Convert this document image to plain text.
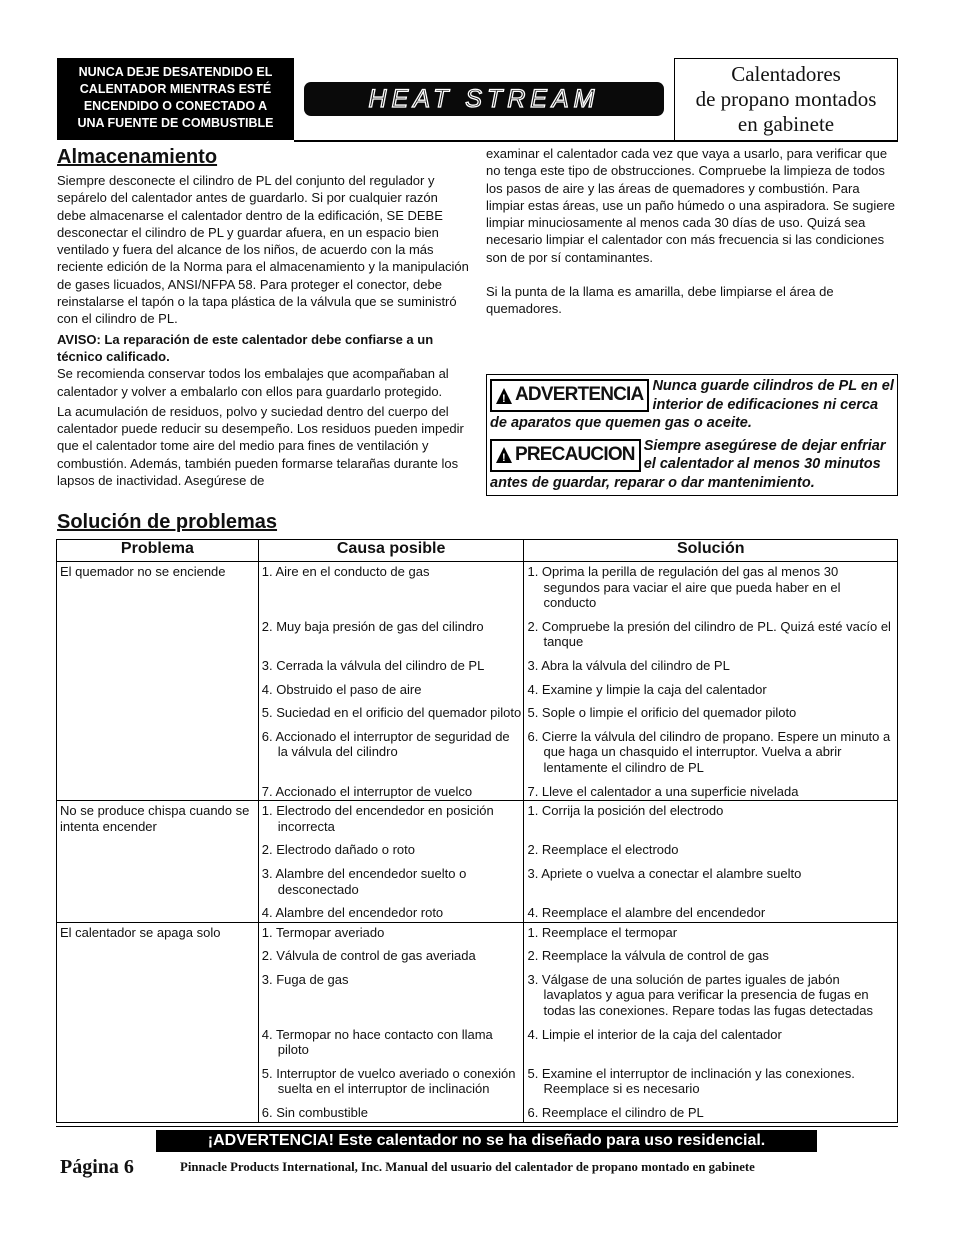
NUNCA DEJE DESATENDIDO EL
CALENTADOR MIENTRAS ESTÉ
ENCENDIDO O CONECTADO A
UNA FUENTE DE COMBUSTIBLE
HEAT STREAM
Calentadores
de propano montados
en gabinete
Almacenamiento

Siempre desconecte el cilindro de PL del conjunto del regulador y sepárelo del calentador antes de guardarlo. Si por cualquier razón debe almacenarse el calentador dentro de la edificación, SE DEBE desconectar el cilindro de PL y guardar afuera, en un espacio bien ventilado y fuera del alcance de los niños, de acuerdo con la más reciente edición de la Norma para el almacenamiento y la manipulación de gases licuados, ANSI/NFPA 58. Para proteger el conector, debe reinstalarse el tapón o la tapa plástica de la válvula que se suministró con el cilindro de PL.

AVISO: La reparación de este calentador debe confiarse a un técnico calificado.

Se recomienda conservar todos los embalajes que acompañaban al calentador y volver a embalarlo con ellos para guardarlo protegido.

La acumulación de residuos, polvo y suciedad dentro del cuerpo del calentador puede reducir su desempeño. Los residuos pueden impedir que el calentador tome aire del medio para fines de ventilación y combustión. Además, también pueden formarse telarañas durante los lapsos de inactividad. Asegúrese de

examinar el calentador cada vez que vaya a usarlo, para verificar que no tenga este tipo de obstrucciones. Compruebe la limpieza de todos los pasos de aire y las áreas de quemadores y combustión. Para limpiar estas áreas, use un paño húmedo o una aspiradora. Se sugiere limpiar minuciosamente al menos cada 30 días de uso. Quizá sea necesario limpiar el calentador con más frecuencia si las condiciones son de por sí contaminantes.

Si la punta de la llama es amarilla, debe limpiarse el área de quemadores.

!
ADVERTENCIA Nunca guarde cilindros de PL en el interior de edificaciones ni cerca de aparatos que quemen gas o aceite.
!
PRECAUCION Siempre asegúrese de dejar enfriar el calentador al menos 30 minutos antes de guardar, reparar o dar mantenimiento.
Solución de problemas
Problema	Causa posible	Solución
El quemador no se enciende	1. Aire en el conducto de gas	1. Oprima la perilla de regulación del gas al menos 30 segundos para vaciar el aire que pueda haber en el conducto

	2. Muy baja presión de gas del cilindro	2. Compruebe la presión del cilindro de PL. Quizá esté vacío el tanque

	3. Cerrada la válvula del cilindro de PL	3. Abra la válvula del cilindro de PL

	4. Obstruido el paso de aire	4. Examine y limpie la caja del calentador

	5. Suciedad en el orificio del quemador piloto	5. Sople o limpie el orificio del quemador piloto

	6. Accionado el interruptor de seguridad de la válvula del cilindro	6. Cierre la válvula del cilindro de propano. Espere un minuto a que haga un chasquido el interruptor. Vuelva a abrir lentamente el cilindro de PL

	7. Accionado el interruptor de vuelco	7. Lleve el calentador a una superficie nivelada

No se produce chispa cuando se intenta encender	1. Electrodo del encendedor en posición incorrecta	1. Corrija la posición del electrodo

	2. Electrodo dañado o roto	2. Reemplace el electrodo

	3. Alambre del encendedor suelto o desconectado	3. Apriete o vuelva a conectar el alambre suelto

	4. Alambre del encendedor roto	4. Reemplace el alambre del encendedor

El calentador se apaga solo	1. Termopar averiado	1. Reemplace el termopar

	2. Válvula de control de gas averiada	2. Reemplace la válvula de control de gas

	3. Fuga de gas	3. Válgase de una solución de partes iguales de jabón lavaplatos y agua para verificar la presencia de fugas en todas las conexiones. Repare todas las fugas detectadas

	4. Termopar no hace contacto con llama piloto	4. Limpie el interior de la caja del calentador

	5. Interruptor de vuelco averiado o conexión suelta en el interruptor de inclinación	5. Examine el interruptor de inclinación y las conexiones. Reemplace si es necesario

	6. Sin combustible	6. Reemplace el cilindro de PL
¡ADVERTENCIA! Este calentador no se ha diseñado para uso residencial.
Página 6	Pinnacle Products International, Inc. Manual del usuario del calentador de propano montado en gabinete
